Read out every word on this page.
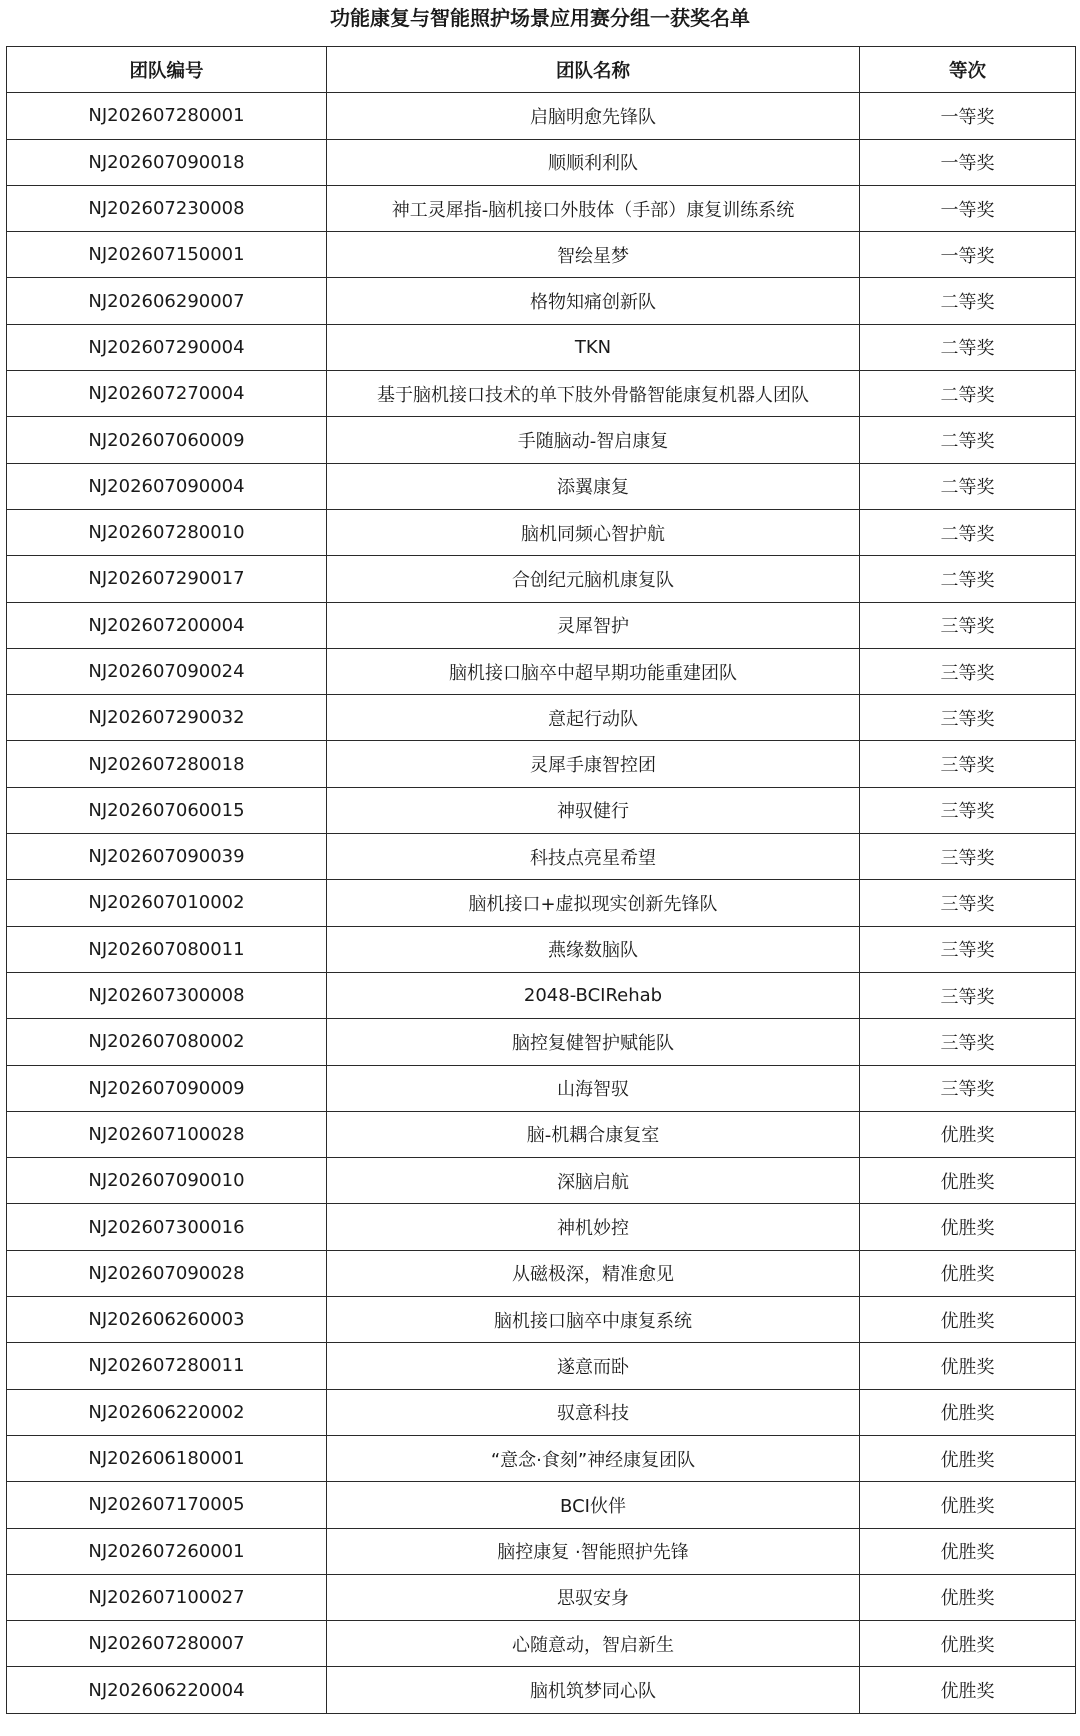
功能康复与智能照护场景应用赛分组一获奖名单
团队编号	团队名称	等次
NJ202607280001	启脑明愈先锋队	一等奖
NJ202607090018	顺顺利利队	一等奖
NJ202607230008	神工灵犀指-脑机接口外肢体（手部）康复训练系统	一等奖
NJ202607150001	智绘星梦	一等奖
NJ202606290007	格物知痛创新队	二等奖
NJ202607290004	TKN	二等奖
NJ202607270004	基于脑机接口技术的单下肢外骨骼智能康复机器人团队	二等奖
NJ202607060009	手随脑动-智启康复	二等奖
NJ202607090004	添翼康复	二等奖
NJ202607280010	脑机同频心智护航	二等奖
NJ202607290017	合创纪元脑机康复队	二等奖
NJ202607200004	灵犀智护	三等奖
NJ202607090024	脑机接口脑卒中超早期功能重建团队	三等奖
NJ202607290032	意起行动队	三等奖
NJ202607280018	灵犀手康智控团	三等奖
NJ202607060015	神驭健行	三等奖
NJ202607090039	科技点亮星希望	三等奖
NJ202607010002	脑机接口+虚拟现实创新先锋队	三等奖
NJ202607080011	燕缘数脑队	三等奖
NJ202607300008	2048-BCIRehab	三等奖
NJ202607080002	脑控复健智护赋能队	三等奖
NJ202607090009	山海智驭	三等奖
NJ202607100028	脑-机耦合康复室	优胜奖
NJ202607090010	深脑启航	优胜奖
NJ202607300016	神机妙控	优胜奖
NJ202607090028	从磁极深，精准愈见	优胜奖
NJ202606260003	脑机接口脑卒中康复系统	优胜奖
NJ202607280011	遂意而卧	优胜奖
NJ202606220002	驭意科技	优胜奖
NJ202606180001	“意念·食刻”神经康复团队	优胜奖
NJ202607170005	BCI伙伴	优胜奖
NJ202607260001	脑控康复 ·智能照护先锋	优胜奖
NJ202607100027	思驭安身	优胜奖
NJ202607280007	心随意动，智启新生	优胜奖
NJ202606220004	脑机筑梦同心队	优胜奖
